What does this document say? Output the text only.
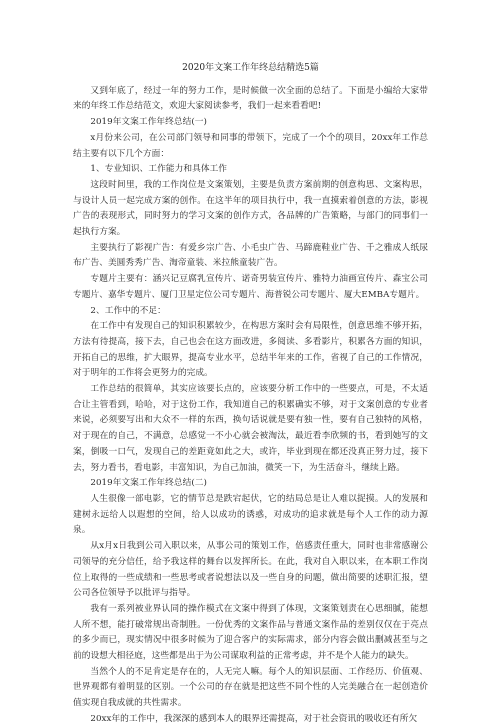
2020年文案工作年终总结精选5篇

又到年底了，经过一年的努力工作，是时候做一次全面的总结了。下面是小编给大家带来的年终工作总结范文，欢迎大家阅读参考，我们一起来看看吧!

2019年文案工作年终总结(一)

x月份来公司，在公司部门领导和同事的带领下，完成了一个个的项目，20xx年工作总结主要有以下几个方面：

1、专业知识、工作能力和具体工作

这段时间里，我的工作岗位是文案策划，主要是负责方案前期的创意构思、文案构思，与设计人员一起完成方案的创作。在这半年的项目执行中，我一直摸索着创意的方法，影视广告的表现形式，同时努力的学习文案的创作方式，各品牌的广告策略，与部门的同事们一起执行方案。

主要执行了影视广告：有爱乡宗广告、小毛虫广告、马蹄鹿鞋业广告、千之雅成人纸尿布广告、美圆秀秀广告、淘帝童装、米拉熊童装广告。

专题片主要有：涵兴记豆腐乳宣传片、诺奇男装宣传片、雅特力油画宣传片、森宝公司专题片、嘉华专题片、厦门卫星定位公司专题片、海普锐公司专题片、厦大EMBA专题片。

2、工作中的不足：

在工作中有发现自己的知识积累较少，在构思方案时会有局限性，创意思维不够开拓，方法有待提高，接下去，自己也会在这方面改进，多阅读、多看影片，积累各方面的知识，开拓自己的思维，扩大眼界，提高专业水平，总结半年来的工作，省视了自己的工作情况，对于明年的工作将会更努力的完成。

工作总结的很简单，其实应该要长点的，应该要分析工作中的一些要点，可是，不太适合让主管看到，哈哈，对于这份工作，我知道自己的积累确实不够，对于文案创意的专业者来说，必须要写出和大众不一样的东西，换句话说就是要有独一性，要有自己独特的风格，对于现在的自己，不满意，总感觉一不小心就会被淘汰，最近看李欣频的书，看到她写的文案，倒吸一口气，发现自己的差距竟如此之大，或许，毕业到现在都还没真正努力过，接下去，努力看书，看电影，丰富知识，为自己加油，微笑一下，为生活奋斗，继续上路。

2019年文案工作年终总结(二)

人生很像一部电影，它的情节总是跌宕起伏，它的结局总是让人难以捉摸。人的发展和建树永远给人以遐想的空间，给人以成功的诱惑，对成功的追求就是每个人工作的动力源泉。

从x月x日我到公司入职以来，从事公司的策划工作，倍感责任重大，同时也非常感谢公司领导的充分信任，给予我这样的舞台以发挥所长。在此，我对自入职以来，在本职工作岗位上取得的一些成绩和一些思考或者说想法以及一些自身的问题，做出简要的述职汇报，望公司各位领导予以批评与指导。

我有一系列被业界认同的操作模式在文案中得到了体现，文案策划责在心思细腻，能想人所不想，能打破常规出奇制胜。一份优秀的文案作品与普通文案作品的差别仅仅在于亮点的多少而已，现实情况中很多时候为了迎合客户的实际需求，部分内容会做出删减甚至与之前的设想大相径庭，这些都是出于为公司谋取利益的正常考虑，并不是个人能力的缺失。

当然个人的不足肯定是存在的，人无完人嘛。每个人的知识层面、工作经历、价值观、世界观都有着明显的区别。一个公司的存在就是把这些不同个性的人完美融合在一起创造价值实现自我成就的共性需求。

20xx年的工作中，我深深的感到本人的眼界还需提高，对于社会资讯的吸收还有所欠
